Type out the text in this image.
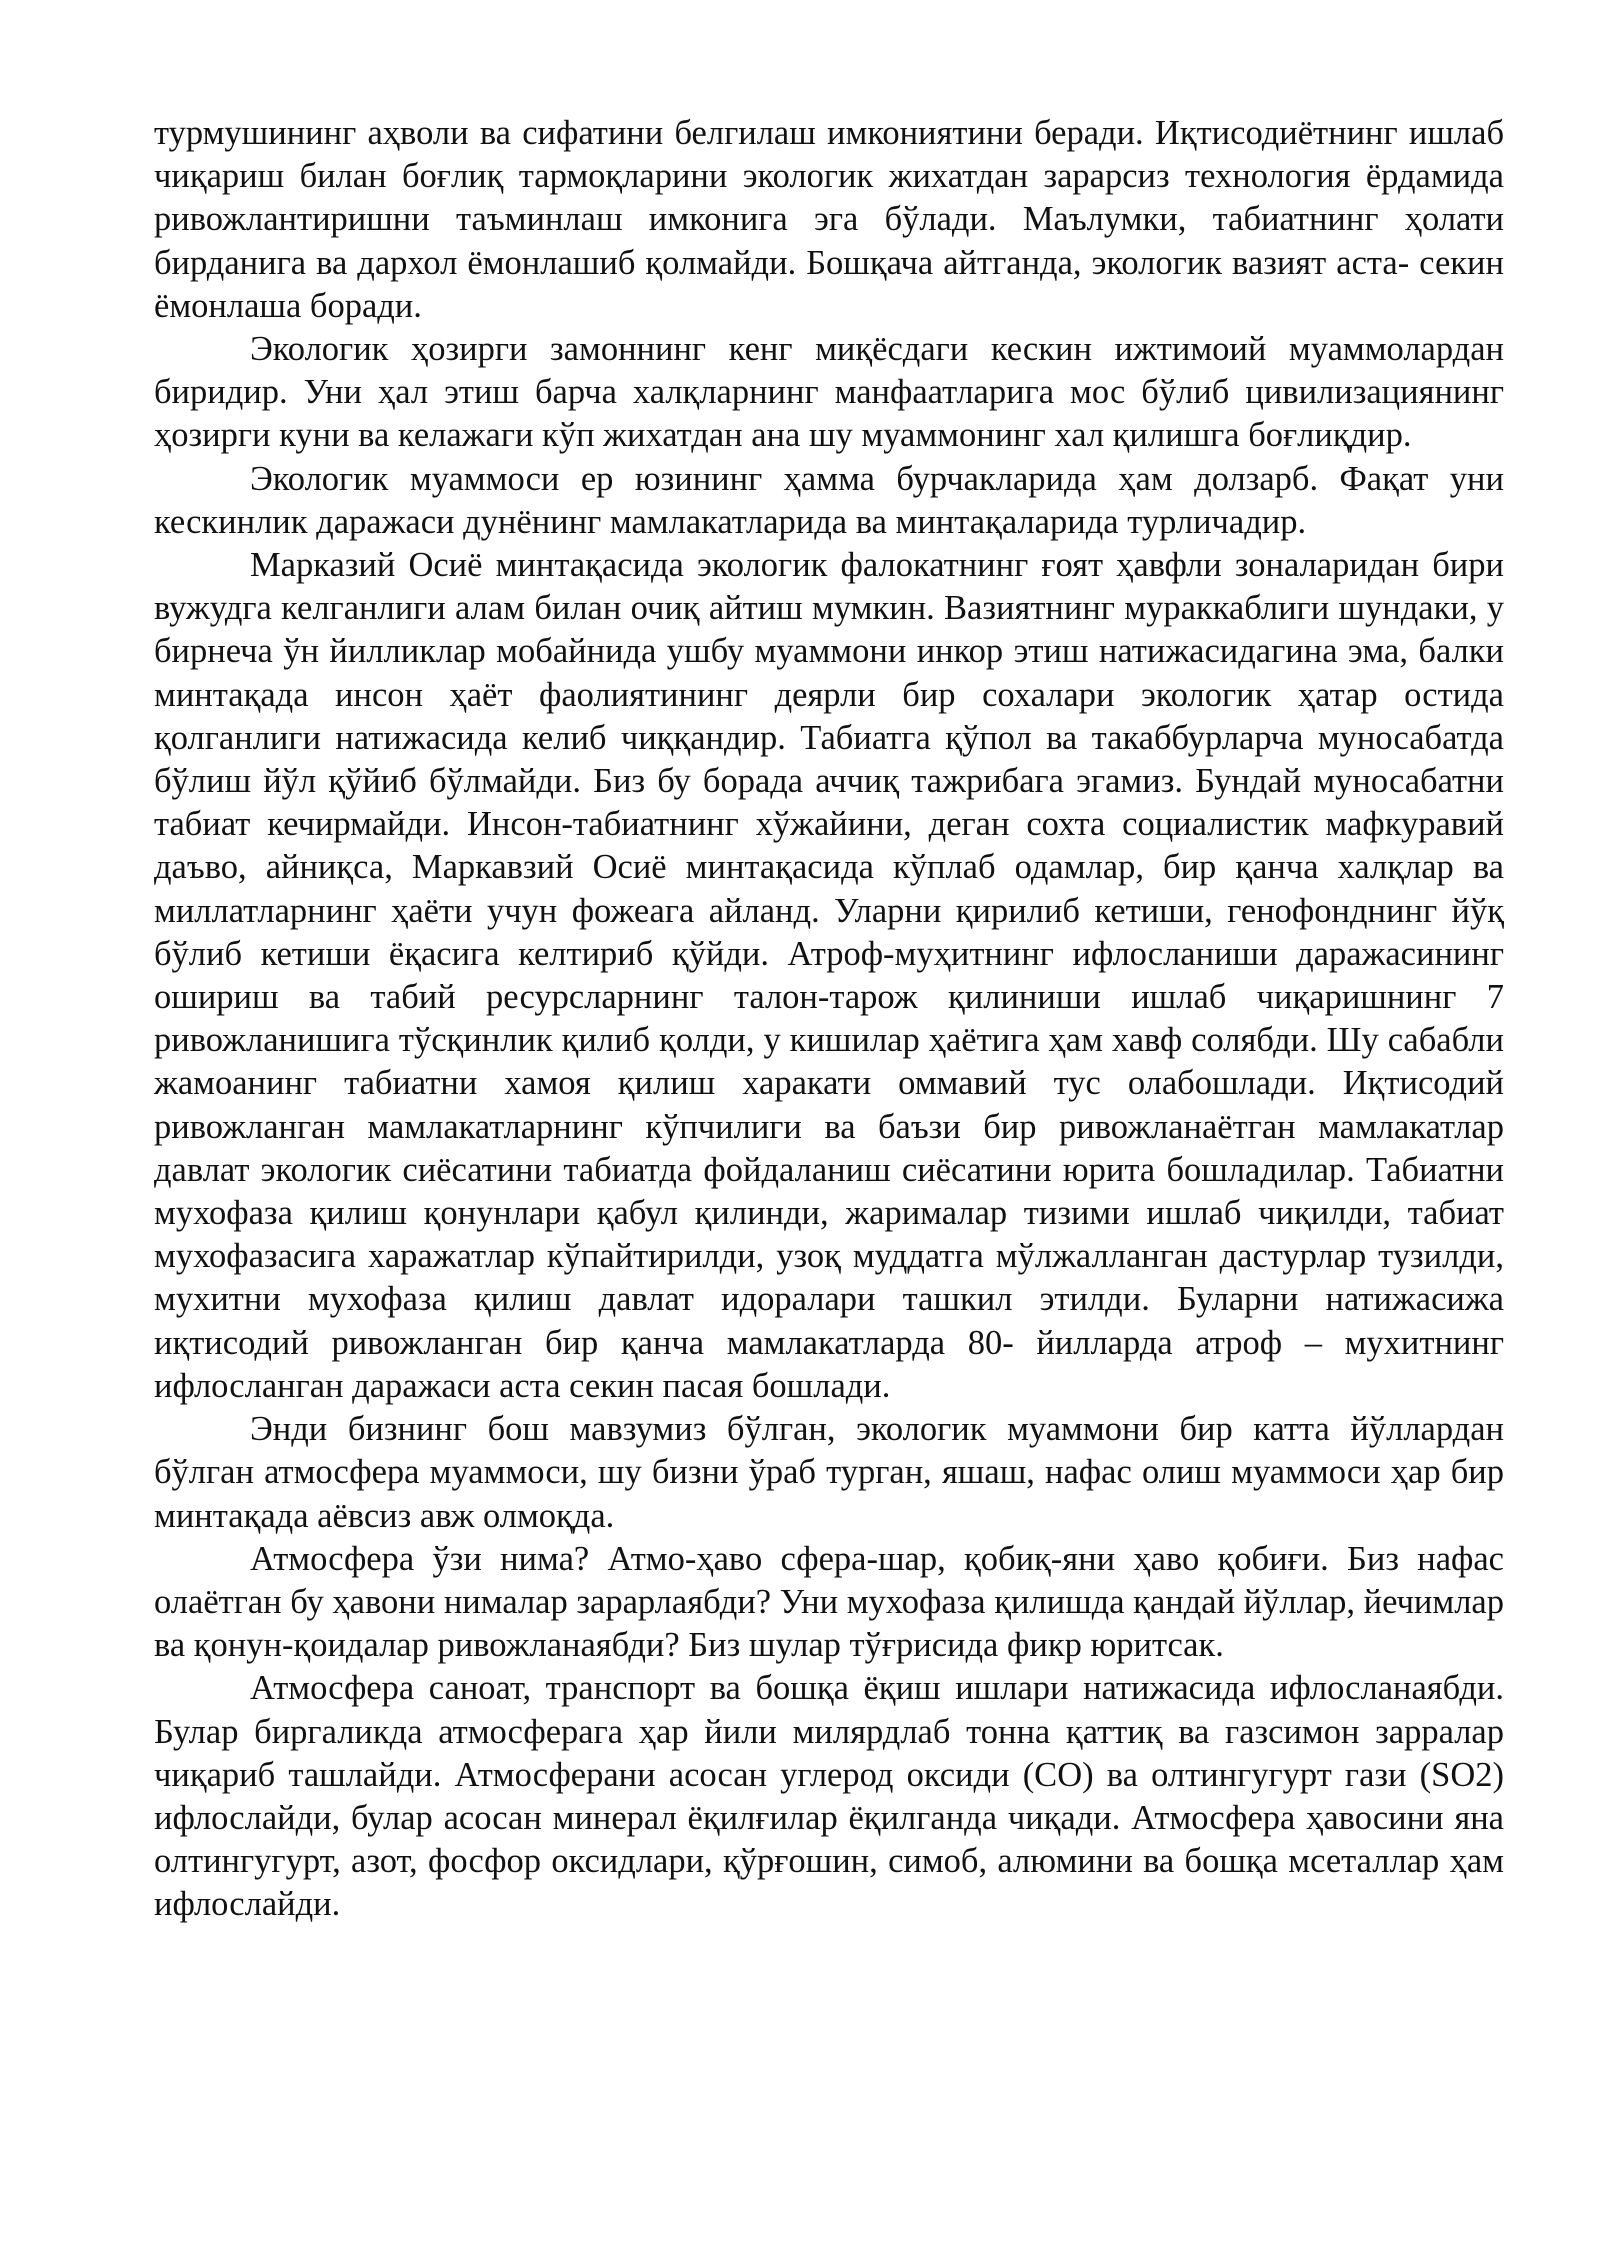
турмушининг аҳволи ва сифатини белгилаш имкониятини беради. Иқтисодиётнинг ишлаб чиқариш билан боғлиқ тармоқларини экологик жихатдан зарарсиз технология ёрдамида ривожлантиришни таъминлаш имконига эга бўлади. Маълумки, табиатнинг ҳолати бирданига ва дархол ёмонлашиб қолмайди. Бошқача айтганда, экологик вазият аста- секин ёмонлаша боради.

Экологик ҳозирги замоннинг кенг миқёсдаги кескин ижтимоий муаммолардан биридир. Уни ҳал этиш барча халқларнинг манфаатларига мос бўлиб цивилизациянинг ҳозирги куни ва келажаги кўп жихатдан ана шу муаммонинг хал қилишга боғлиқдир.

Экологик муаммоси ер юзининг ҳамма бурчакларида ҳам долзарб. Фақат уни кескинлик даражаси дунёнинг мамлакатларида ва минтақаларида турличадир.

Марказий Осиё минтақасида экологик фалокатнинг ғоят ҳавфли зоналаридан бири вужудга келганлиги алам билан очиқ айтиш мумкин. Вазиятнинг мураккаблиги шундаки, у бирнеча ўн йилликлар мобайнида ушбу муаммони инкор этиш натижасидагина эма, балки минтақада инсон ҳаёт фаолиятининг деярли бир сохалари экологик ҳатар остида қолганлиги натижасида келиб чиққандир. Табиатга қўпол ва такаббурларча муносабатда бўлиш йўл қўйиб бўлмайди. Биз бу борада аччиқ тажрибага эгамиз. Бундай муносабатни табиат кечирмайди. Инсон-табиатнинг хўжайини, деган сохта социалистик мафкуравий даъво, айниқса, Маркавзий Осиё минтақасида кўплаб одамлар, бир қанча халқлар ва миллатларнинг ҳаёти учун фожеага айланд. Уларни қирилиб кетиши, генофонднинг йўқ бўлиб кетиши ёқасига келтириб қўйди. Атроф-муҳитнинг ифлосланиши даражасининг ошириш ва табий ресурсларнинг талон-тарож қилиниши ишлаб чиқаришнинг 7 ривожланишига тўсқинлик қилиб қолди, у кишилар ҳаётига ҳам хавф солябди. Шу сабабли жамоанинг табиатни хамоя қилиш харакати оммавий тус олабошлади. Иқтисодий ривожланган мамлакатларнинг кўпчилиги ва баъзи бир ривожланаётган мамлакатлар давлат экологик сиёсатини табиатда фойдаланиш сиёсатини юрита бошладилар. Табиатни мухофаза қилиш қонунлари қабул қилинди, жарималар тизими ишлаб чиқилди, табиат мухофазасига харажатлар кўпайтирилди, узоқ муддатга мўлжалланган дастурлар тузилди, мухитни мухофаза қилиш давлат идоралари ташкил этилди. Буларни натижасижа иқтисодий ривожланган бир қанча мамлакатларда 80- йилларда атроф – мухитнинг ифлосланган даражаси аста секин пасая бошлади.

Энди бизнинг бош мавзумиз бўлган, экологик муаммони бир катта йўллардан бўлган атмосфера муаммоси, шу бизни ўраб турган, яшаш, нафас олиш муаммоси ҳар бир минтақада аёвсиз авж олмоқда.

Атмосфера ўзи нима? Атмо-ҳаво сфера-шар, қобиқ-яни ҳаво қобиғи. Биз нафас олаётган бу ҳавони нималар зарарлаябди? Уни мухофаза қилишда қандай йўллар, йечимлар ва қонун-қоидалар ривожланаябди? Биз шулар тўғрисида фикр юритсак.

Атмосфера саноат, транспорт ва бошқа ёқиш ишлари натижасида ифлосланаябди. Булар биргаликда атмосферага ҳар йили милярдлаб тонна қаттиқ ва газсимон зарралар чиқариб ташлайди. Атмосферани асосан углерод оксиди (CO) ва олтингугурт гази (SO2) ифлослайди, булар асосан минерал ёқилғилар ёқилганда чиқади. Атмосфера ҳавосини яна олтингугурт, азот, фосфор оксидлари, қўрғошин, симоб, алюмини ва бошқа мсеталлар ҳам ифлослайди.
